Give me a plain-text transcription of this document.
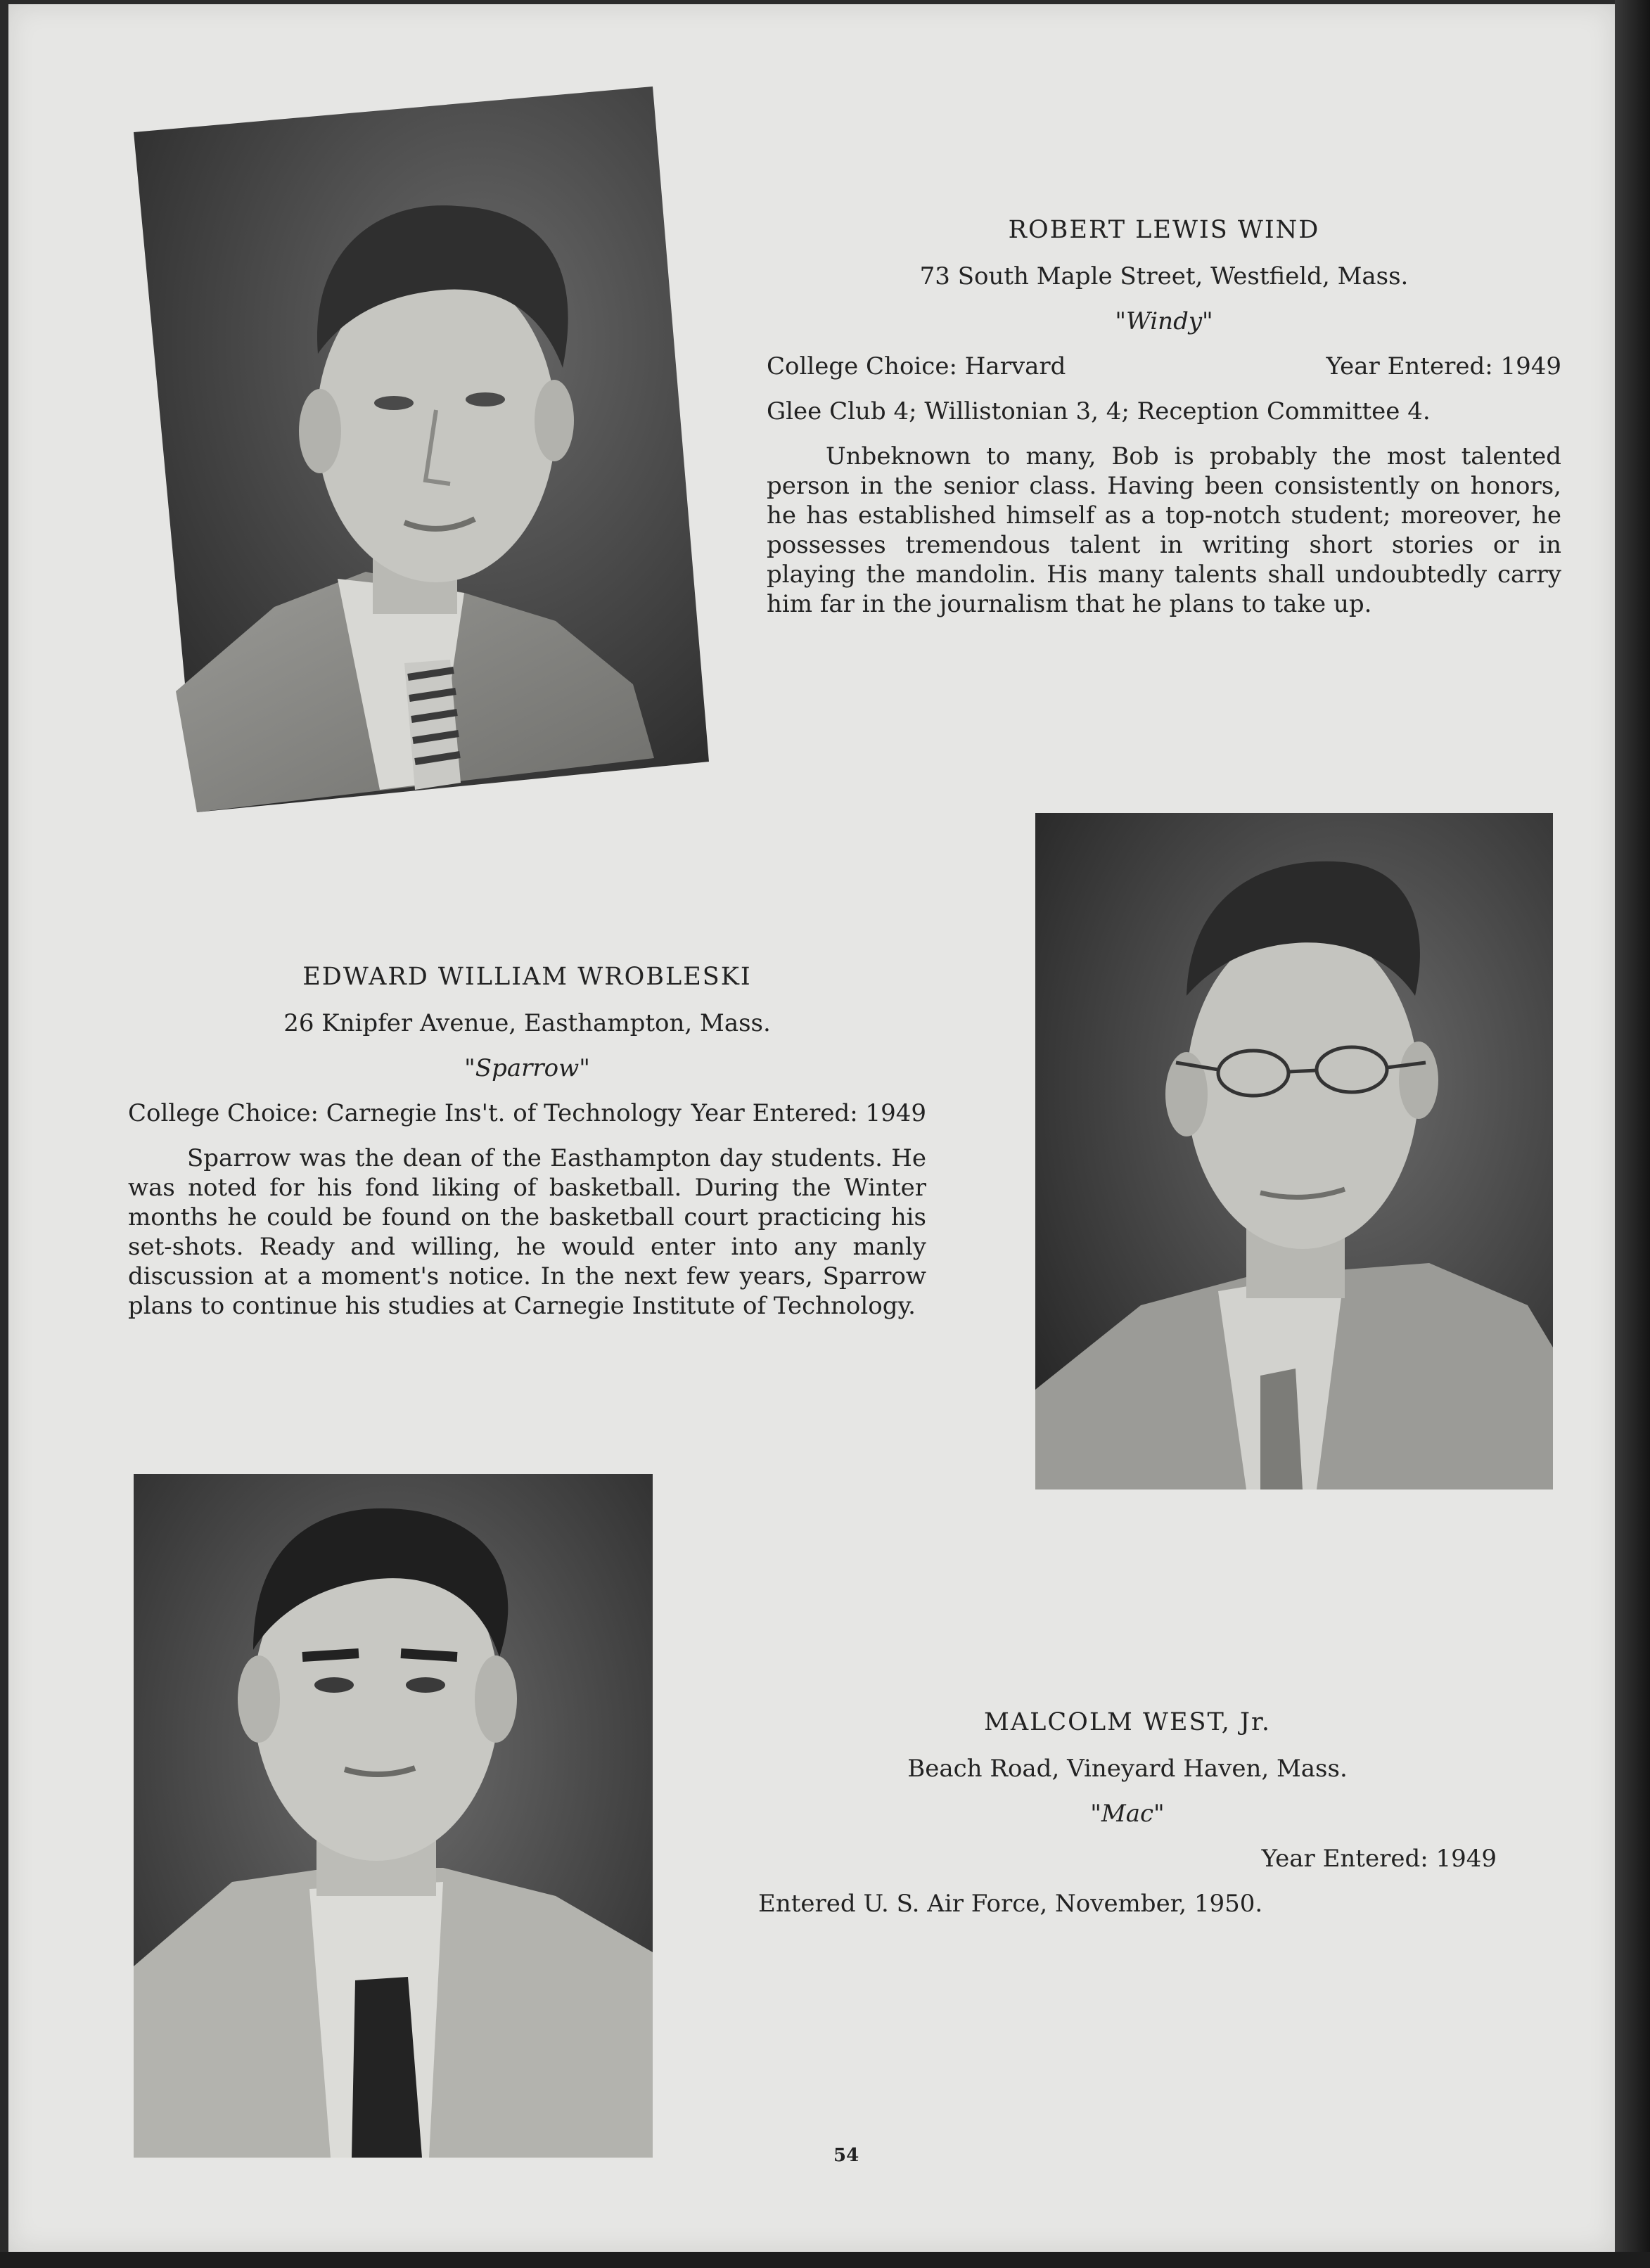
ROBERT LEWIS WIND
73 South Maple Street, Westfield, Mass.
"Windy"
College Choice: Harvard	Year Entered: 1949
Glee Club 4; Willistonian 3, 4; Reception Committee 4.

Unbeknown to many, Bob is probably the most talented person in the senior class. Having been consistently on honors, he has established himself as a top-notch student; moreover, he possesses tremendous talent in writing short stories or in playing the mandolin. His many talents shall undoubtedly carry him far in the journalism that he plans to take up.

EDWARD WILLIAM WROBLESKI
26 Knipfer Avenue, Easthampton, Mass.
"Sparrow"
College Choice: Carnegie Ins't. of Technology Year Entered: 1949

Sparrow was the dean of the Easthampton day students. He was noted for his fond liking of basketball. During the Winter months he could be found on the basketball court practicing his set-shots. Ready and willing, he would enter into any manly discussion at a moment's notice. In the next few years, Sparrow plans to continue his studies at Carnegie Institute of Technology.

MALCOLM WEST, Jr.
Beach Road, Vineyard Haven, Mass.
"Mac"
Year Entered: 1949
Entered U. S. Air Force, November, 1950.
54
